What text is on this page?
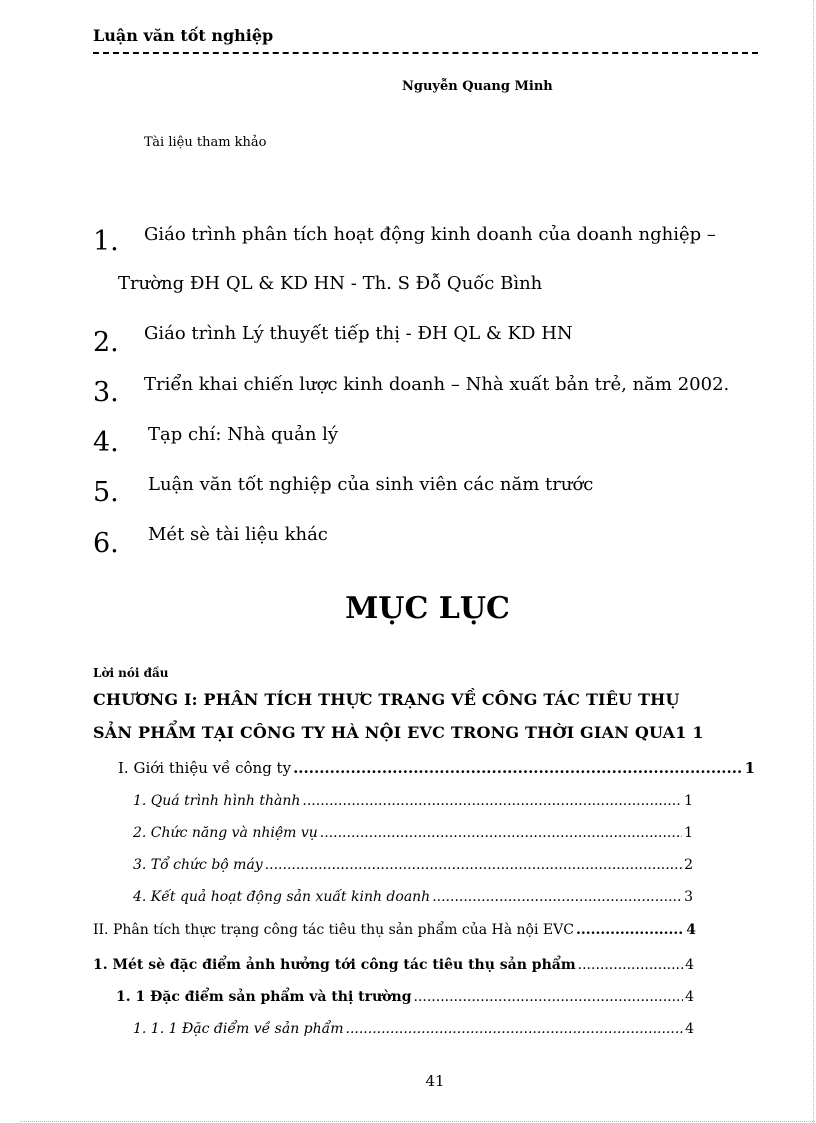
Luận văn tốt nghiệp
Nguyễn Quang Minh
Tài liệu tham khảo
1. Giáo trình phân tích hoạt động kinh doanh của doanh nghiệp –
Trường ĐH QL & KD HN - Th. S Đỗ Quốc Bình
2. Giáo trình Lý thuyết tiếp thị - ĐH QL & KD HN
3. Triển khai chiến lược kinh doanh – Nhà xuất bản trẻ, năm 2002.
4. Tạp chí: Nhà quản lý
5. Luận văn tốt nghiệp của sinh viên các năm trước
6. Mét sè tài liệu khác
MỤC LỤC
Lời nói đầu
CHƯƠNG I: PHÂN TÍCH THỰC TRẠNG VỀ CÔNG TÁC TIÊU THỤ
SẢN PHẨM TẠI CÔNG TY HÀ NỘI EVC TRONG THỜI GIAN QUA1 1
I. Giới thiệu về công ty .....	1
1. Quá trình hình thành .....	1
2. Chức năng và nhiệm vụ .....	1
3. Tổ chức bộ máy .....	2
4. Kết quả hoạt động sản xuất kinh doanh .....	3
II. Phân tích thực trạng công tác tiêu thụ sản phẩm của Hà nội EVC .....	4
1. Mét sè đặc điểm ảnh hưởng tới công tác tiêu thụ sản phẩm .....	4
1. 1 Đặc điểm sản phẩm và thị trường .....	4
1. 1. 1 Đặc điểm về sản phẩm .....	4
41
